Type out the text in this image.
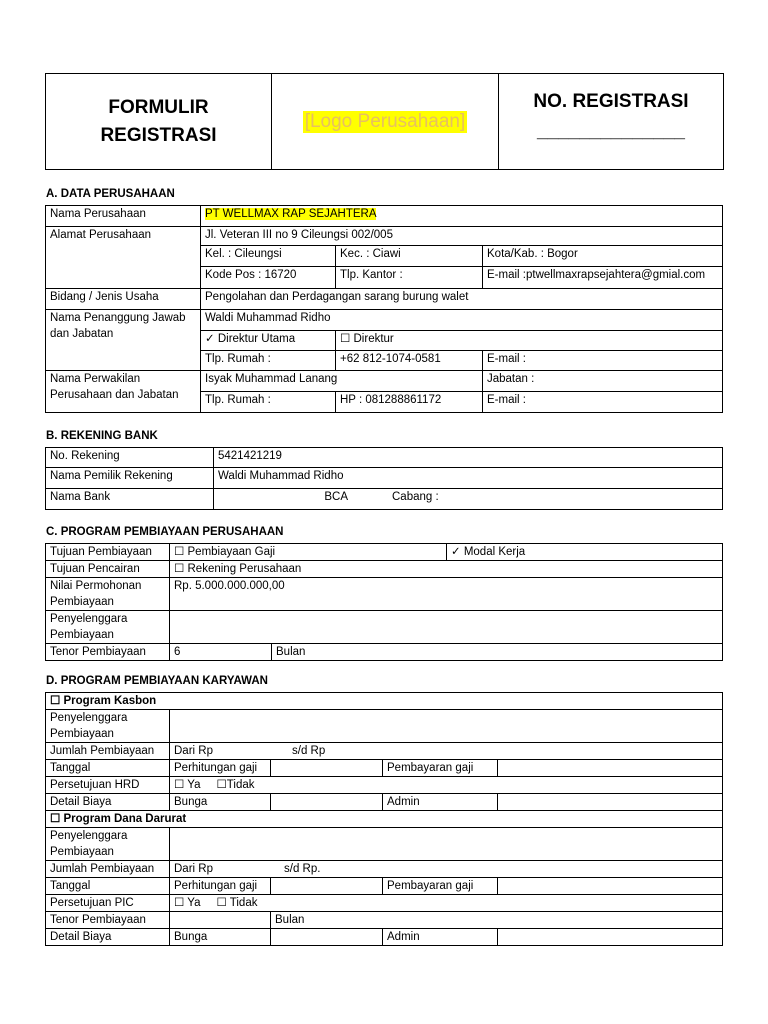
FORMULIR
REGISTRASI
[Logo Perusahaan]
NO. REGISTRASI
______________
A. DATA PERUSAHAAN
Nama Perusahaan	PT WELLMAX RAP SEJAHTERA		
Alamat Perusahaan	Jl. Veteran III no 9 Cileungsi 002/005		
	Kel. : Cileungsi	Kec. : Ciawi	Kota/Kab. : Bogor
	Kode Pos : 16720	Tlp. Kantor :	E-mail :ptwellmaxrapsejahtera@gmial.com
Bidang / Jenis Usaha	Pengolahan dan Perdagangan sarang burung walet		
Nama Penanggung Jawab dan Jabatan	Waldi Muhammad Ridho		
	✓ Direktur Utama	☐ Direktur	
	Tlp. Rumah :	+62 812-1074-0581	E-mail :
Nama Perwakilan Perusahaan dan Jabatan	Isyak Muhammad Lanang		Jabatan :
	Tlp. Rumah :	HP : 081288861172	E-mail :
B. REKENING BANK
No. Rekening	5421421219
Nama Pemilik Rekening	Waldi Muhammad Ridho
Nama Bank	BCA Cabang :
C. PROGRAM PEMBIAYAAN PERUSAHAAN
Tujuan Pembiayaan	☐ Pembiayaan Gaji		✓ Modal Kerja
Tujuan Pencairan	☐ Rekening Perusahaan		
Nilai Permohonan Pembiayaan	Rp. 5.000.000.000,00		
Penyelenggara Pembiayaan			
Tenor Pembiayaan	6	Bulan	
D. PROGRAM PEMBIAYAAN KARYAWAN
☐ Program Kasbon				
Penyelenggara Pembiayaan				
Jumlah Pembiayaan	Dari Rp s/d Rp			
Tanggal	Perhitungan gaji		Pembayaran gaji	
Persetujuan HRD	☐ Ya     ☐Tidak			
Detail Biaya	Bunga		Admin	
☐ Program Dana Darurat				
Penyelenggara Pembiayaan				
Jumlah Pembiayaan	Dari Rp s/d Rp.			
Tanggal	Perhitungan gaji		Pembayaran gaji	
Persetujuan PIC	☐ Ya     ☐ Tidak			
Tenor Pembiayaan		Bulan		
Detail Biaya	Bunga		Admin	
